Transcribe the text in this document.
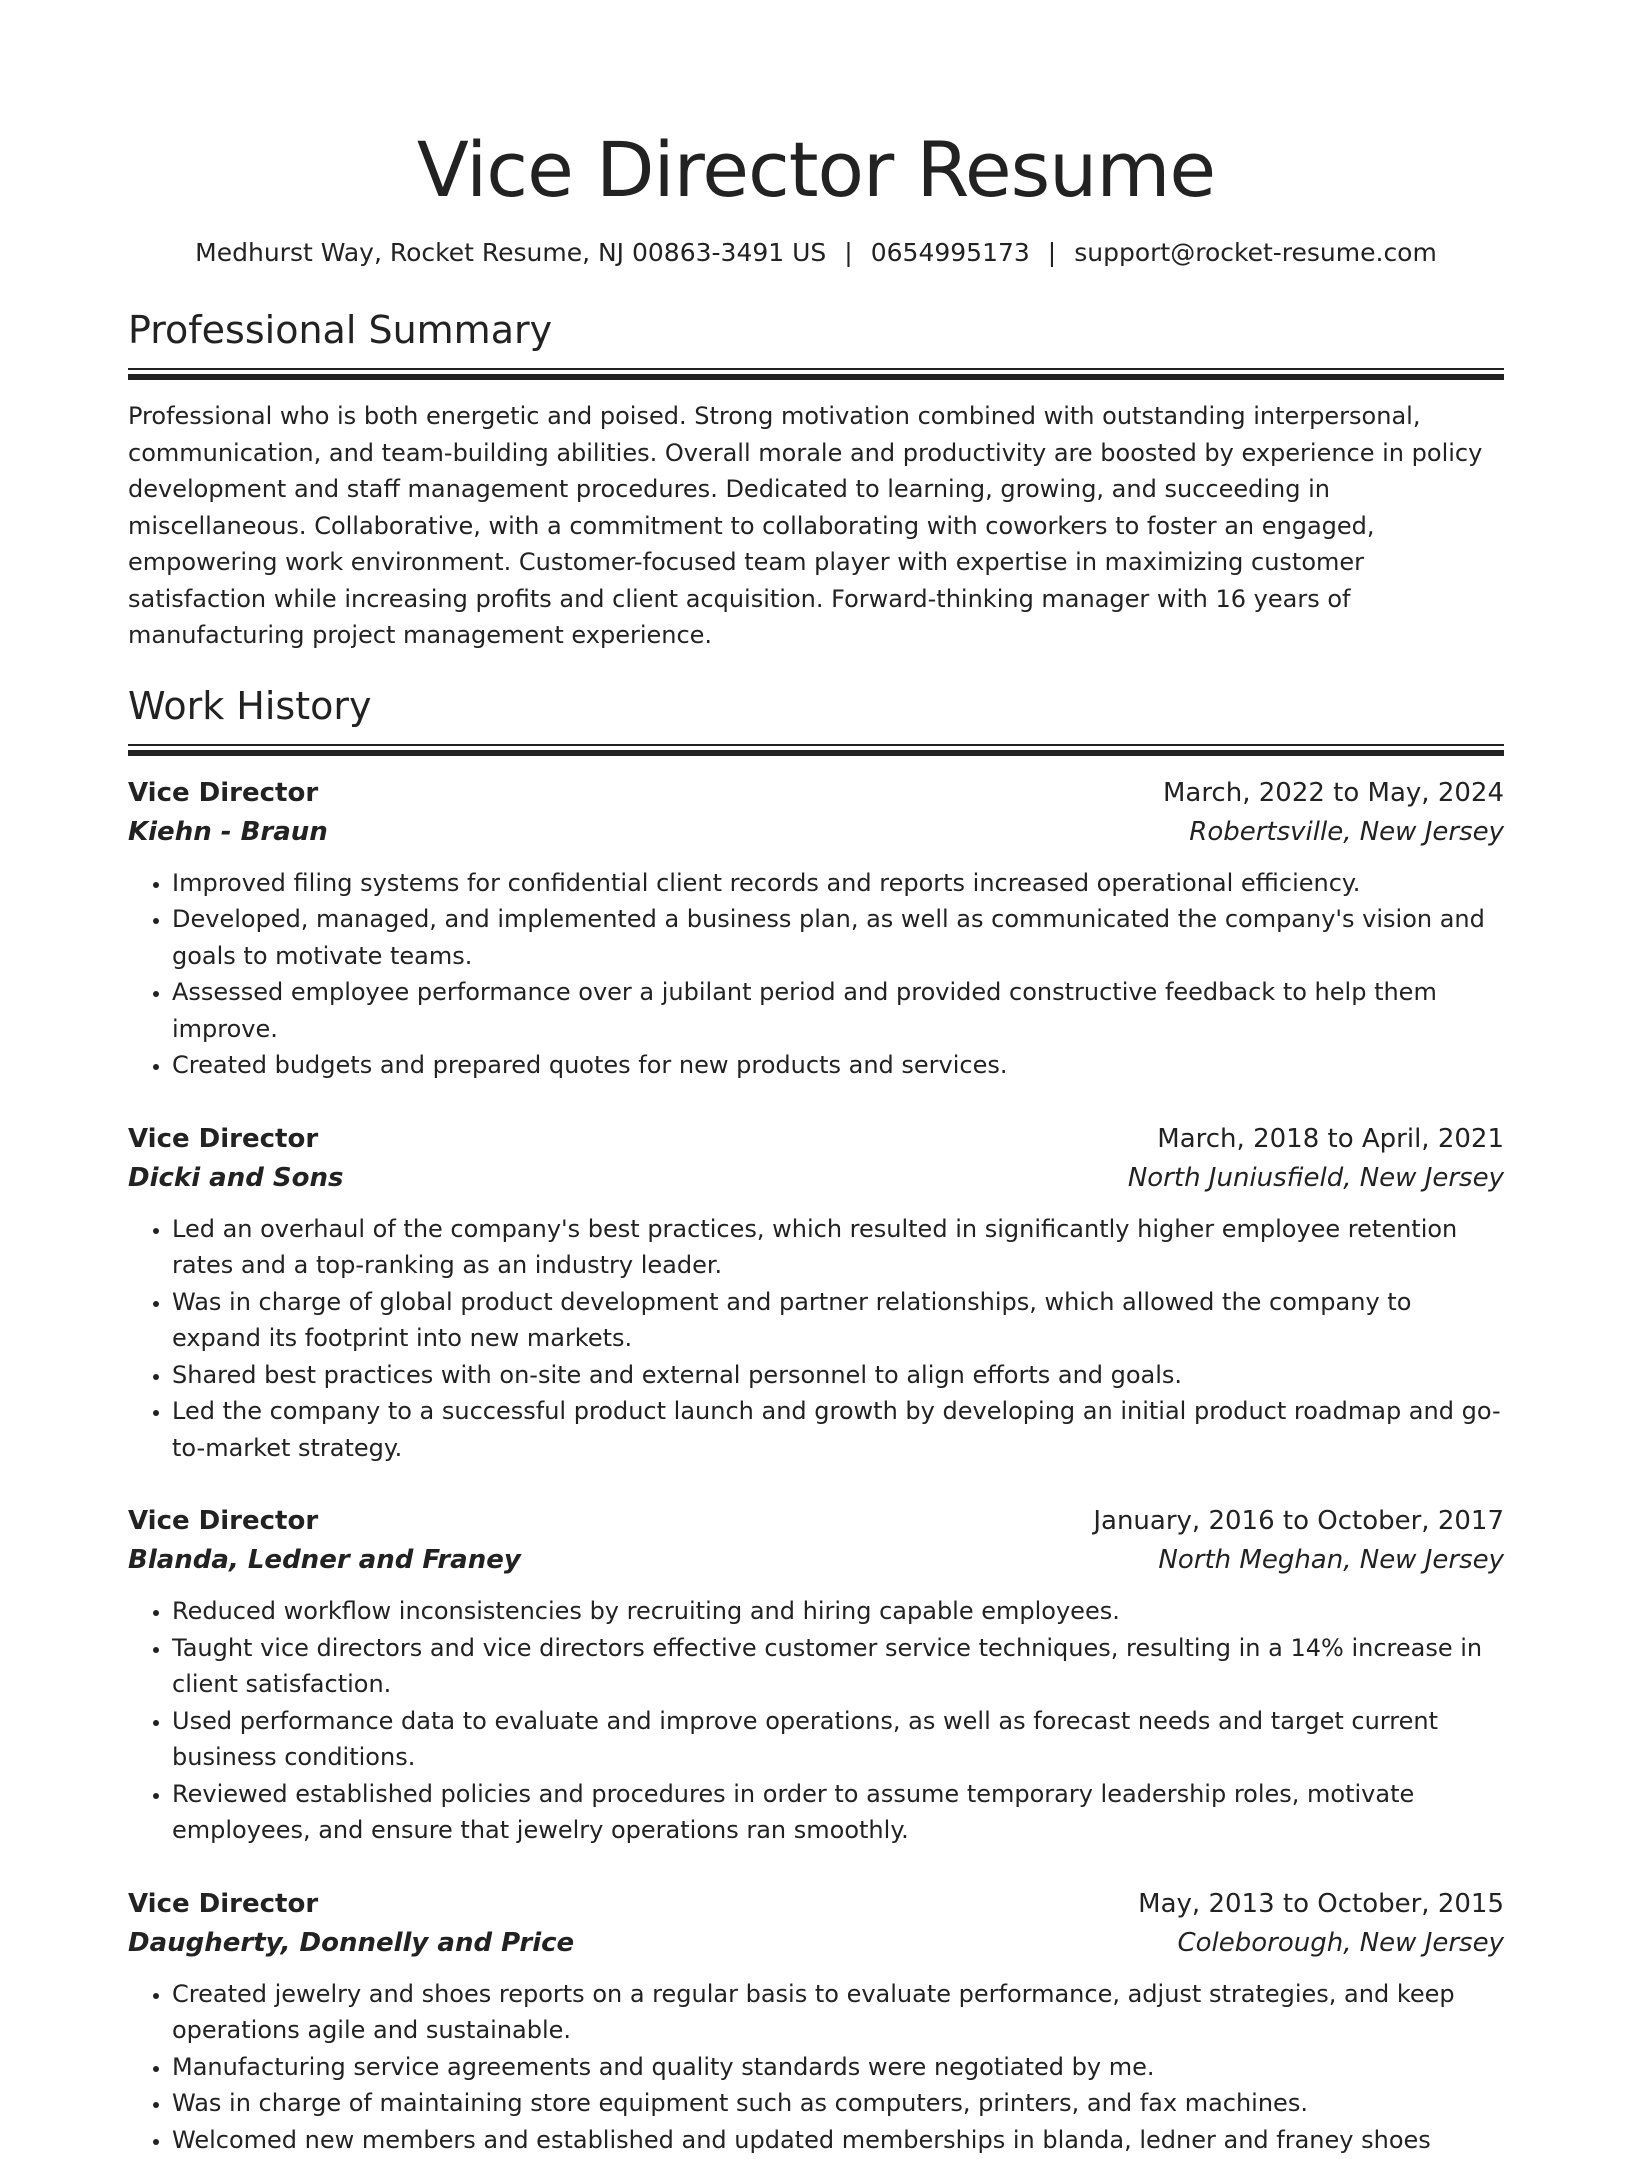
Vice Director Resume
Medhurst Way, Rocket Resume, NJ 00863-3491 US | 0654995173 | support@rocket-resume.com
Professional Summary

Professional who is both energetic and poised. Strong motivation combined with outstanding interpersonal, communication, and team-building abilities. Overall morale and productivity are boosted by experience in policy development and staff management procedures. Dedicated to learning, growing, and succeeding in miscellaneous. Collaborative, with a commitment to collaborating with coworkers to foster an engaged, empowering work environment. Customer-focused team player with expertise in maximizing customer satisfaction while increasing profits and client acquisition. Forward-thinking manager with 16 years of manufacturing project management experience.

Work History
Vice Director	March, 2022 to May, 2024
Kiehn - Braun	Robertsville, New Jersey
• Improved filing systems for confidential client records and reports increased operational efficiency.
• Developed, managed, and implemented a business plan, as well as communicated the company's vision and goals to motivate teams.
• Assessed employee performance over a jubilant period and provided constructive feedback to help them improve.
• Created budgets and prepared quotes for new products and services.
Vice Director	March, 2018 to April, 2021
Dicki and Sons	North Juniusfield, New Jersey
• Led an overhaul of the company's best practices, which resulted in significantly higher employee retention rates and a top-ranking as an industry leader.
• Was in charge of global product development and partner relationships, which allowed the company to expand its footprint into new markets.
• Shared best practices with on-site and external personnel to align efforts and goals.
• Led the company to a successful product launch and growth by developing an initial product roadmap and go-to-market strategy.
Vice Director	January, 2016 to October, 2017
Blanda, Ledner and Franey	North Meghan, New Jersey
• Reduced workflow inconsistencies by recruiting and hiring capable employees.
• Taught vice directors and vice directors effective customer service techniques, resulting in a 14% increase in client satisfaction.
• Used performance data to evaluate and improve operations, as well as forecast needs and target current business conditions.
• Reviewed established policies and procedures in order to assume temporary leadership roles, motivate employees, and ensure that jewelry operations ran smoothly.
Vice Director	May, 2013 to October, 2015
Daugherty, Donnelly and Price	Coleborough, New Jersey
• Created jewelry and shoes reports on a regular basis to evaluate performance, adjust strategies, and keep operations agile and sustainable.
• Manufacturing service agreements and quality standards were negotiated by me.
• Was in charge of maintaining store equipment such as computers, printers, and fax machines.
• Welcomed new members and established and updated memberships in blanda, ledner and franey shoes
